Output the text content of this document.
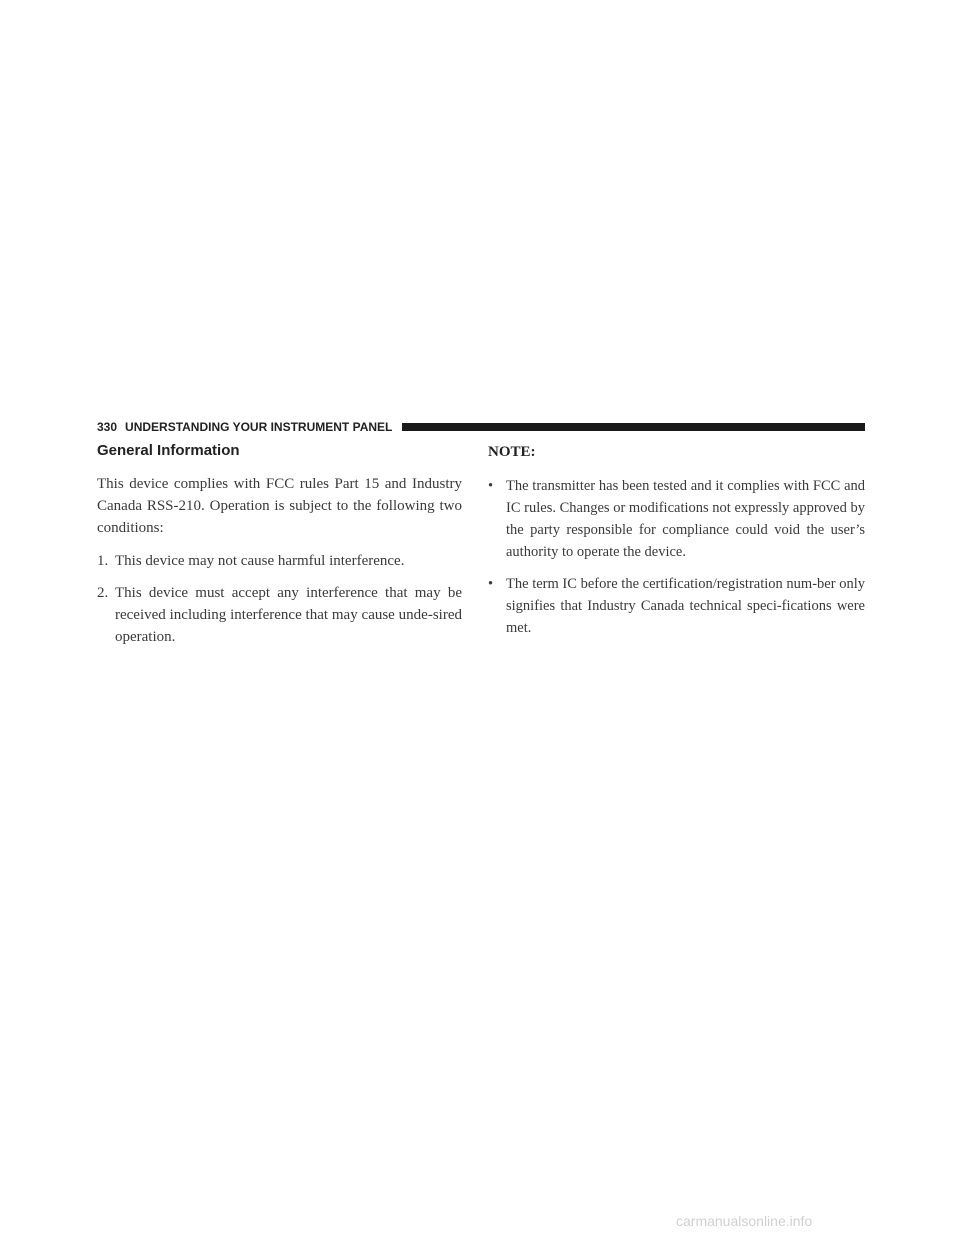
330 UNDERSTANDING YOUR INSTRUMENT PANEL
General Information

This device complies with FCC rules Part 15 and Industry Canada RSS-210. Operation is subject to the following two conditions:

1. This device may not cause harmful interference.
2. This device must accept any interference that may be received including interference that may cause unde-sired operation.
NOTE:
• The transmitter has been tested and it complies with FCC and IC rules. Changes or modifications not expressly approved by the party responsible for compliance could void the user’s authority to operate the device.
• The term IC before the certification/registration num-ber only signifies that Industry Canada technical speci-fications were met.
carmanualsonline.info
